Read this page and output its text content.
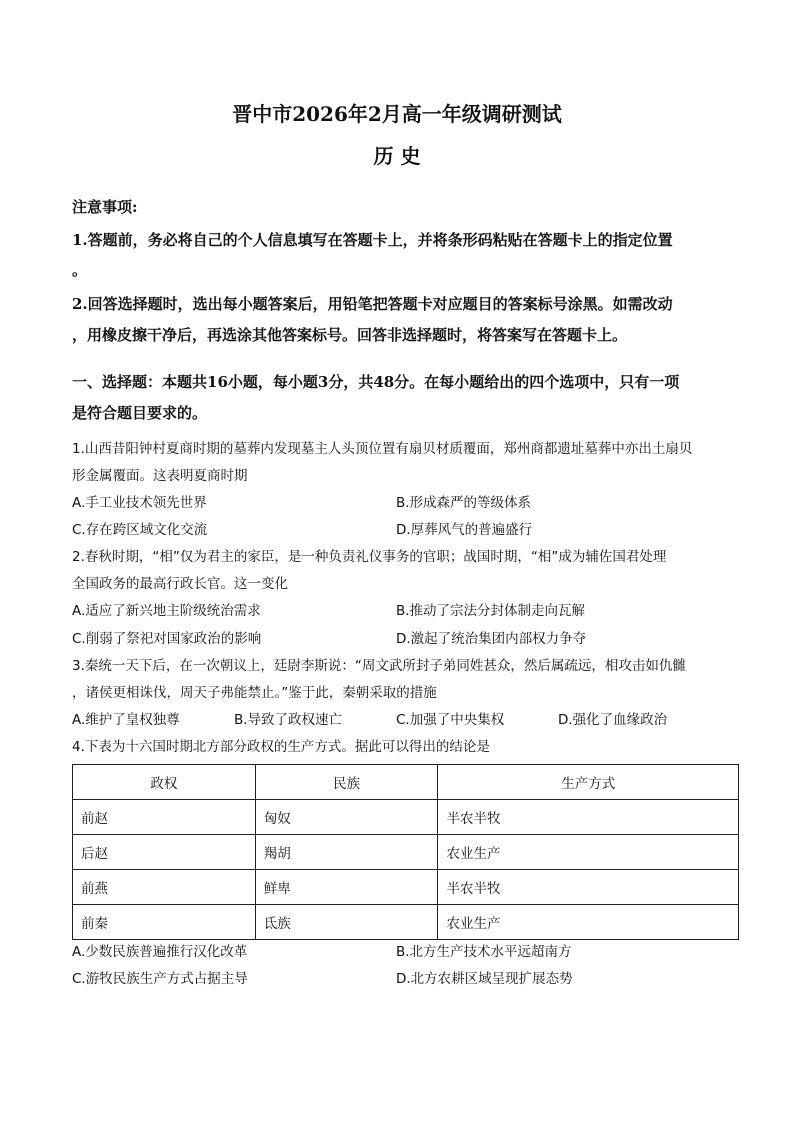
晋中市2026年2月高一年级调研测试
历 史
注意事项:
1.答题前，务必将自己的个人信息填写在答题卡上，并将条形码粘贴在答题卡上的指定位置
。
2.回答选择题时，选出每小题答案后，用铅笔把答题卡对应题目的答案标号涂黑。如需改动
，用橡皮擦干净后，再选涂其他答案标号。回答非选择题时，将答案写在答题卡上。
一、选择题：本题共16小题，每小题3分，共48分。在每小题给出的四个选项中，只有一项
是符合题目要求的。
1.山西昔阳钟村夏商时期的墓葬内发现墓主人头顶位置有扇贝材质覆面，郑州商都遗址墓葬中亦出土扇贝
形金属覆面。这表明夏商时期
A.手工业技术领先世界	B.形成森严的等级体系
C.存在跨区域文化交流	D.厚葬风气的普遍盛行
2.春秋时期，“相”仅为君主的家臣，是一种负责礼仪事务的官职；战国时期，“相”成为辅佐国君处理
全国政务的最高行政长官。这一变化
A.适应了新兴地主阶级统治需求	B.推动了宗法分封体制走向瓦解
C.削弱了祭祀对国家政治的影响	D.激起了统治集团内部权力争夺
3.秦统一天下后，在一次朝议上，廷尉李斯说：“周文武所封子弟同姓甚众，然后属疏远，相攻击如仇雠
，诸侯更相诛伐，周天子弗能禁止。”鉴于此，秦朝采取的措施
A.维护了皇权独尊	B.导致了政权速亡	C.加强了中央集权	D.强化了血缘政治
4.下表为十六国时期北方部分政权的生产方式。据此可以得出的结论是
政权	民族	生产方式
前赵	匈奴	半农半牧
后赵	羯胡	农业生产
前燕	鲜卑	半农半牧
前秦	氐族	农业生产
A.少数民族普遍推行汉化改革	B.北方生产技术水平远超南方
C.游牧民族生产方式占据主导	D.北方农耕区域呈现扩展态势
